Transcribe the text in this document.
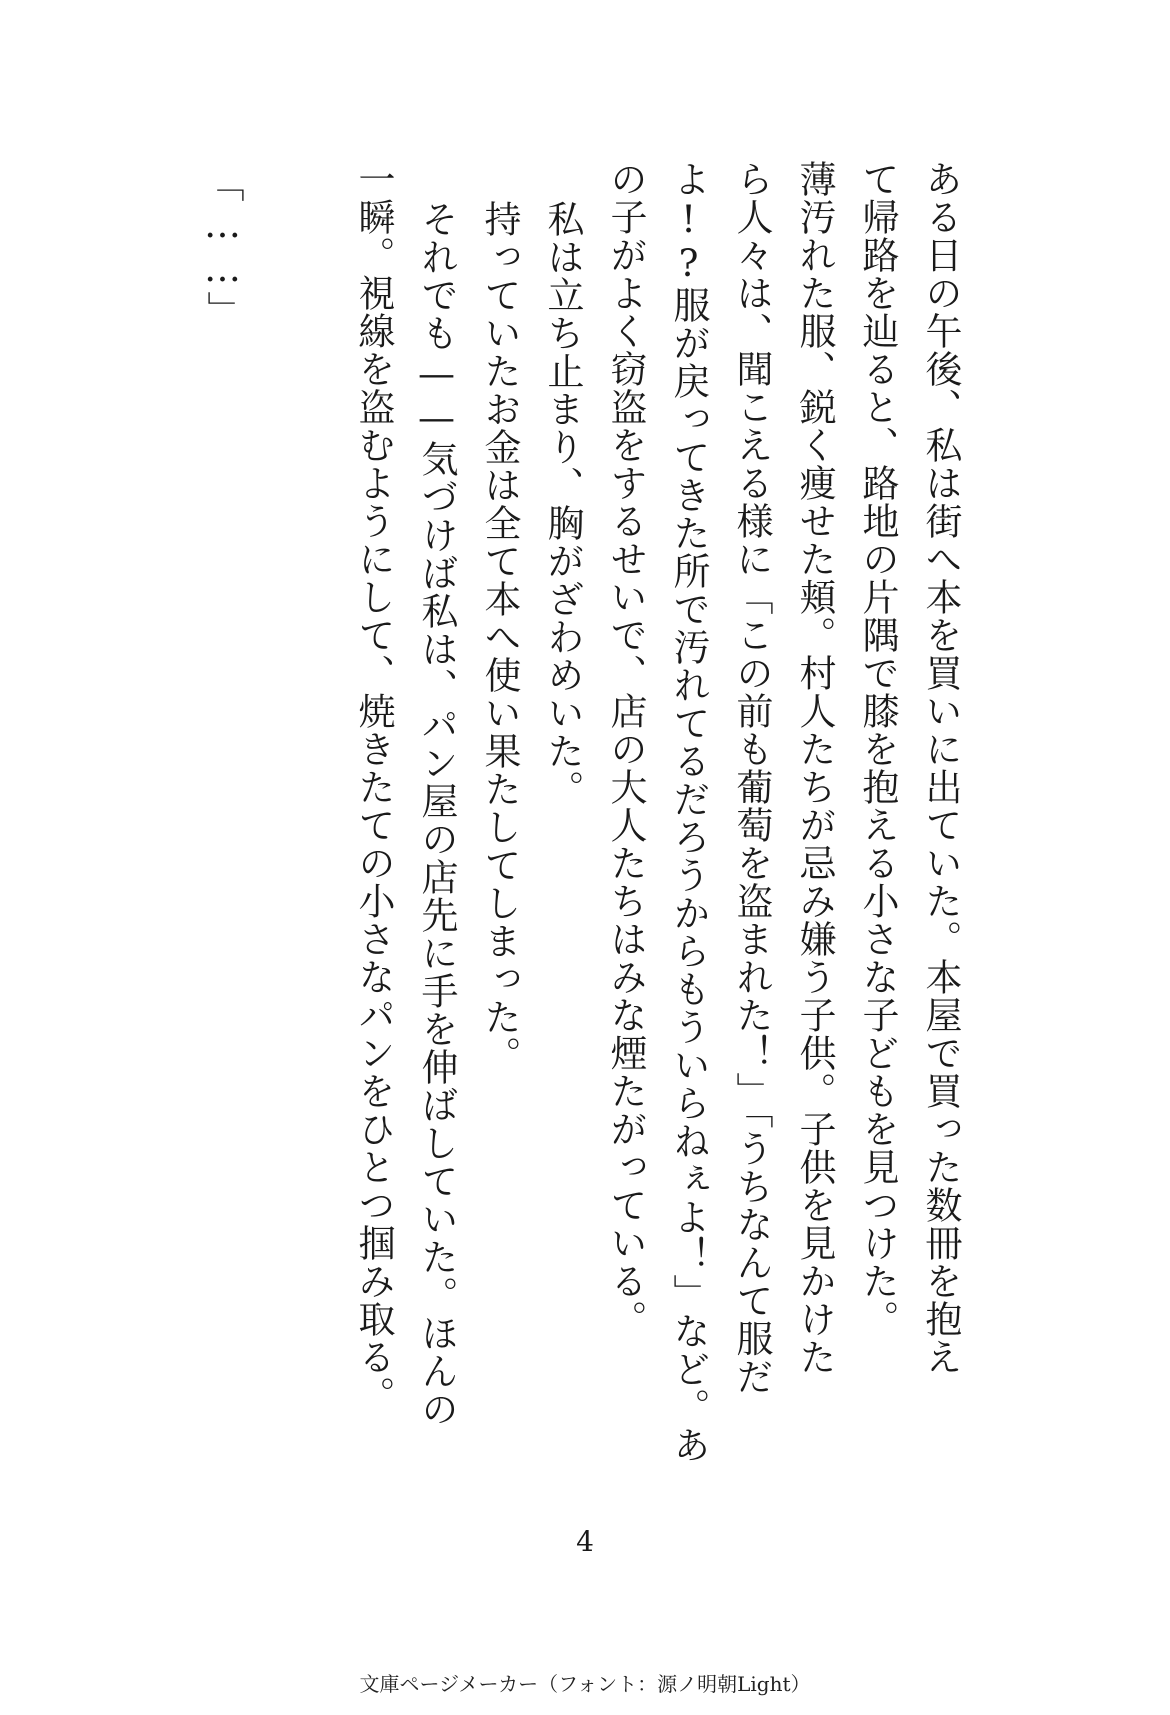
ある日の午後、私は街へ本を買いに出ていた。本屋で買った数冊を抱え
て帰路を辿ると、路地の片隅で膝を抱える小さな子どもを見つけた。
薄汚れた服、鋭く痩せた頬。村人たちが忌み嫌う子供。子供を見かけた
ら人々は、聞こえる様に「この前も葡萄を盗まれた！」「うちなんて服だ
よ!?服が戻ってきた所で汚れてるだろうからもういらねぇよ！」など。あ
の子がよく窃盗をするせいで、店の大人たちはみな煙たがっている。
私は立ち止まり、胸がざわめいた。
持っていたお金は全て本へ使い果たしてしまった。
それでも——気づけば私は、パン屋の店先に手を伸ばしていた。ほんの
一瞬。視線を盗むようにして、焼きたての小さなパンをひとつ掴み取る。
「……」
4
文庫ページメーカー（フォント：源ノ明朝Light）
